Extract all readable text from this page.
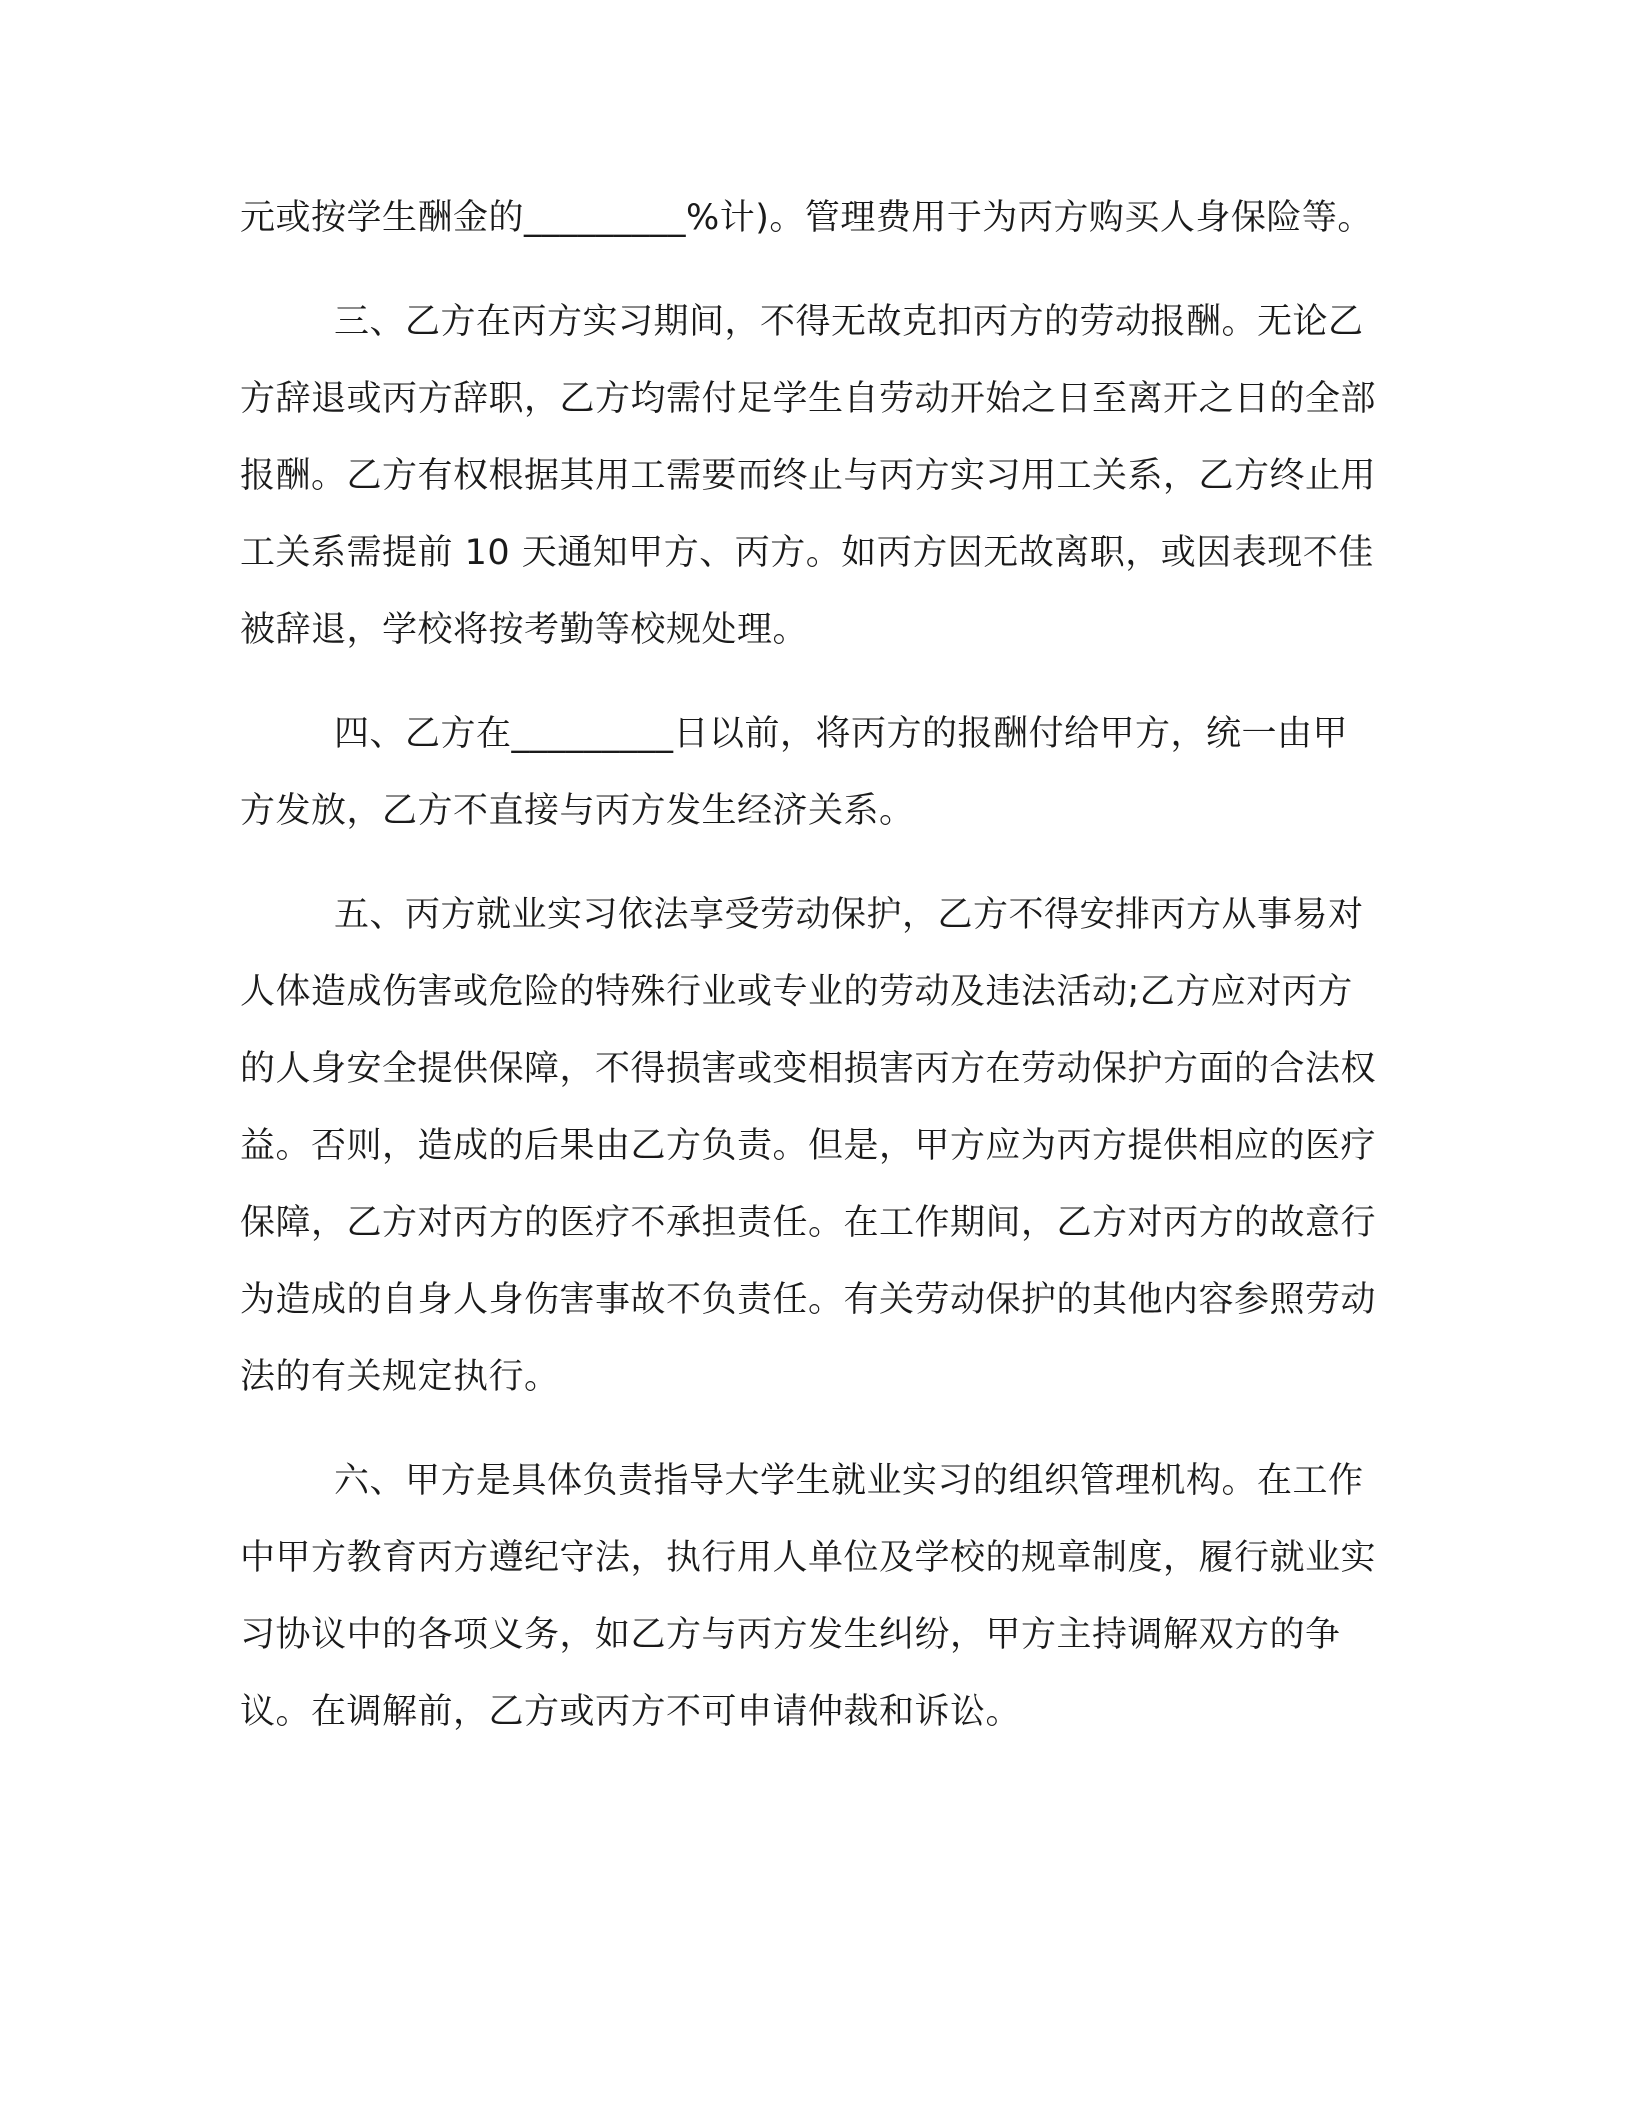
元或按学生酬金的_________%计)。管理费用于为丙方购买人身保险等。

三、乙方在丙方实习期间，不得无故克扣丙方的劳动报酬。无论乙方辞退或丙方辞职，乙方均需付足学生自劳动开始之日至离开之日的全部报酬。乙方有权根据其用工需要而终止与丙方实习用工关系，乙方终止用工关系需提前 10 天通知甲方、丙方。如丙方因无故离职，或因表现不佳被辞退，学校将按考勤等校规处理。

四、乙方在_________日以前，将丙方的报酬付给甲方，统一由甲方发放，乙方不直接与丙方发生经济关系。

五、丙方就业实习依法享受劳动保护，乙方不得安排丙方从事易对人体造成伤害或危险的特殊行业或专业的劳动及违法活动;乙方应对丙方的人身安全提供保障，不得损害或变相损害丙方在劳动保护方面的合法权益。否则，造成的后果由乙方负责。但是，甲方应为丙方提供相应的医疗保障，乙方对丙方的医疗不承担责任。在工作期间，乙方对丙方的故意行为造成的自身人身伤害事故不负责任。有关劳动保护的其他内容参照劳动法的有关规定执行。

六、甲方是具体负责指导大学生就业实习的组织管理机构。在工作中甲方教育丙方遵纪守法，执行用人单位及学校的规章制度，履行就业实习协议中的各项义务，如乙方与丙方发生纠纷，甲方主持调解双方的争议。在调解前，乙方或丙方不可申请仲裁和诉讼。
